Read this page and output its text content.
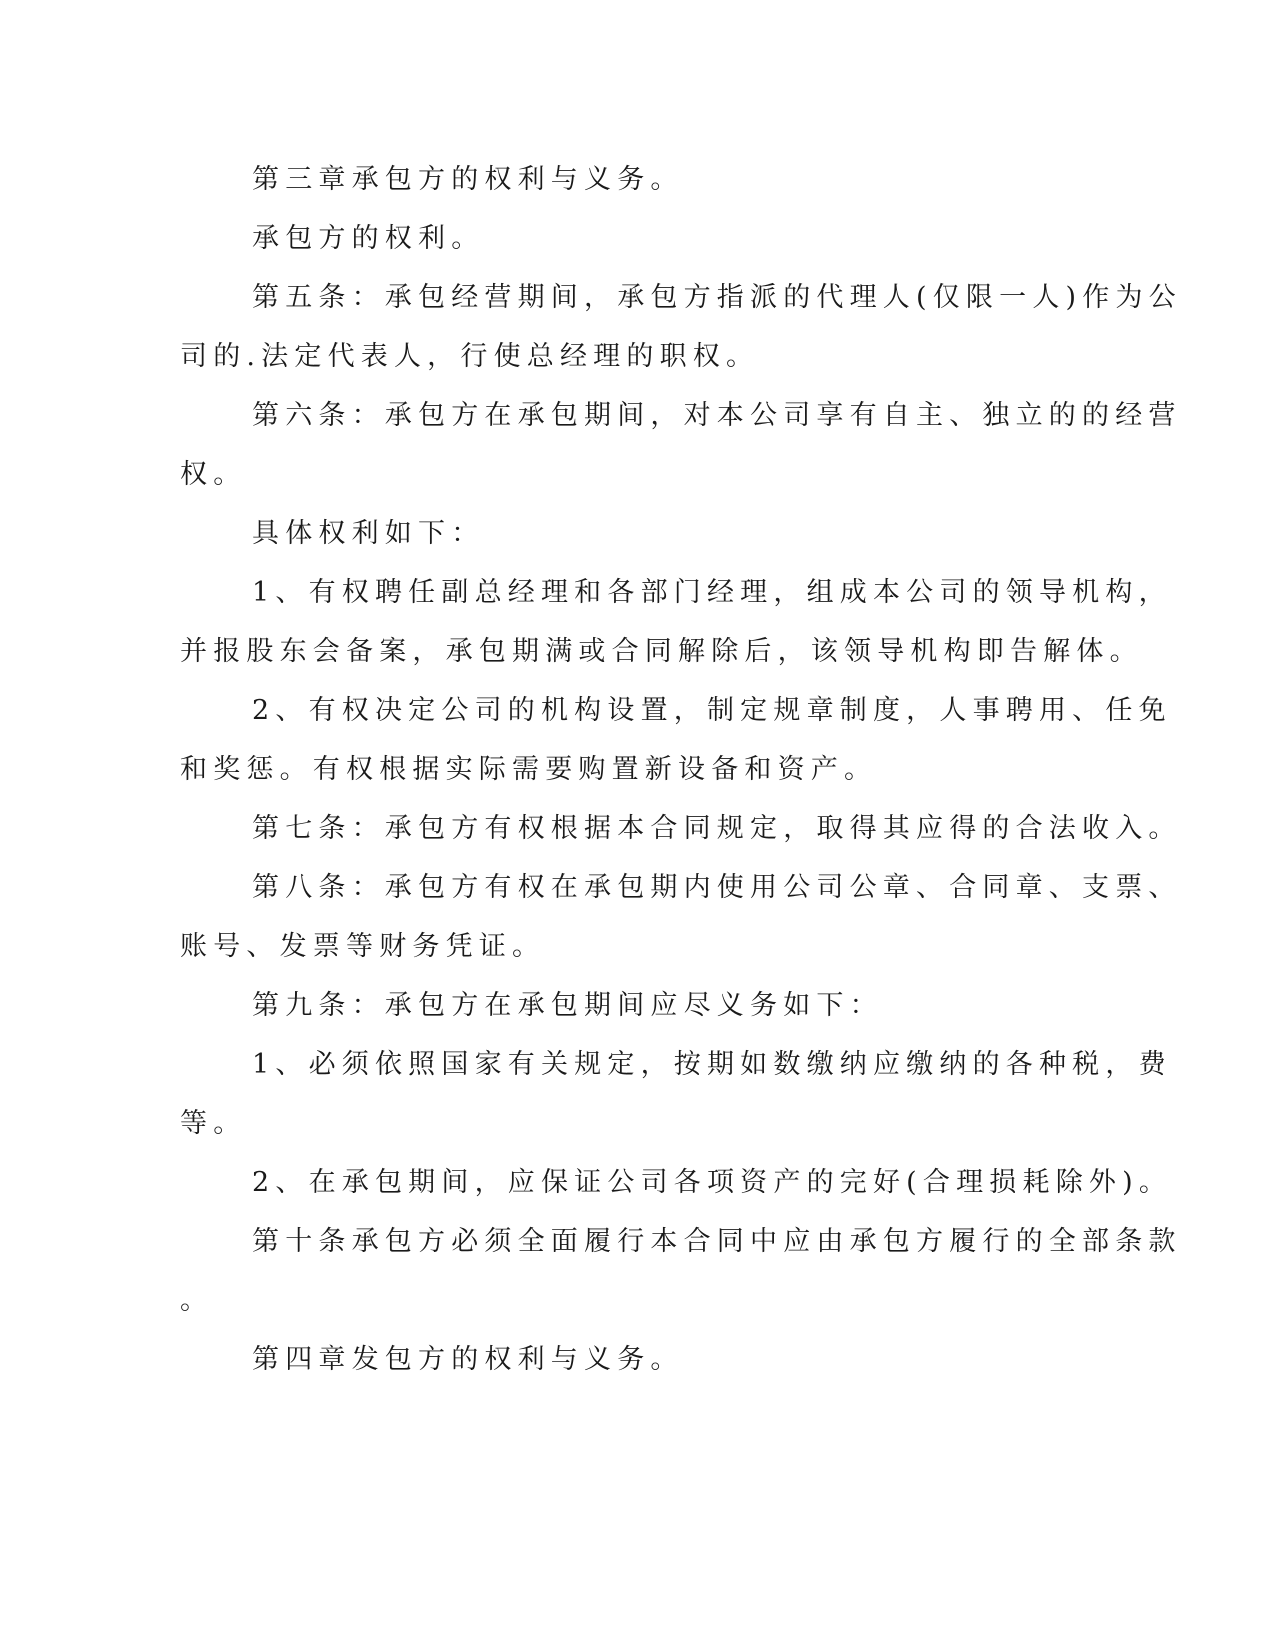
第三章承包方的权利与义务。
承包方的权利。
第五条：承包经营期间，承包方指派的代理人(仅限一人)作为公
司的.法定代表人，行使总经理的职权。
第六条：承包方在承包期间，对本公司享有自主、独立的的经营
权。
具体权利如下：
1、有权聘任副总经理和各部门经理，组成本公司的领导机构，
并报股东会备案，承包期满或合同解除后，该领导机构即告解体。
2、有权决定公司的机构设置，制定规章制度，人事聘用、任免
和奖惩。有权根据实际需要购置新设备和资产。
第七条：承包方有权根据本合同规定，取得其应得的合法收入。
第八条：承包方有权在承包期内使用公司公章、合同章、支票、
账号、发票等财务凭证。
第九条：承包方在承包期间应尽义务如下：
1、必须依照国家有关规定，按期如数缴纳应缴纳的各种税，费
等。
2、在承包期间，应保证公司各项资产的完好(合理损耗除外)。
第十条承包方必须全面履行本合同中应由承包方履行的全部条款
。
第四章发包方的权利与义务。
